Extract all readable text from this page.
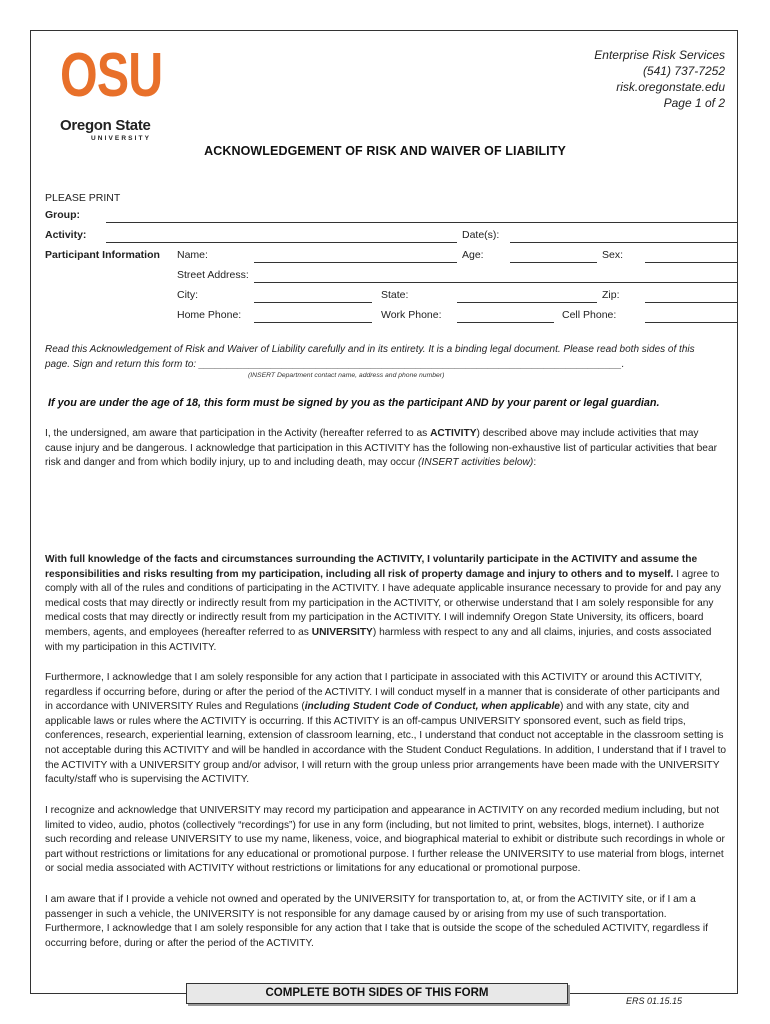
OSU
Oregon State
UNIVERSITY
Enterprise Risk Services
(541) 737-7252
risk.oregonstate.edu
Page 1 of 2
ACKNOWLEDGEMENT OF RISK AND WAIVER OF LIABILITY
PLEASE PRINT
Group:
Activity:	Date(s):
Participant Information Name:	Age:	Sex:
Street Address:
City:	State:	Zip:
Home Phone:	Work Phone:	Cell Phone:
Read this Acknowledgement of Risk and Waiver of Liability carefully and in its entirety. It is a binding legal document. Please read both sides of this
page. Sign and return this form to: ____________________________________________________________________________.
(INSERT Department contact name, address and phone number)
If you are under the age of 18, this form must be signed by you as the participant AND by your parent or legal guardian.
I, the undersigned, am aware that participation in the Activity (hereafter referred to as ACTIVITY) described above may include activities that may cause injury and be dangerous. I acknowledge that participation in this ACTIVITY has the following non-exhaustive list of particular activities that bear risk and danger and from which bodily injury, up to and including death, may occur (INSERT activities below):
With full knowledge of the facts and circumstances surrounding the ACTIVITY, I voluntarily participate in the ACTIVITY and assume the responsibilities and risks resulting from my participation, including all risk of property damage and injury to others and to myself. I agree to comply with all of the rules and conditions of participating in the ACTIVITY. I have adequate applicable insurance necessary to provide for and pay any medical costs that may directly or indirectly result from my participation in the ACTIVITY, or otherwise understand that I am solely responsible for any medical costs that may directly or indirectly result from my participation in the ACTIVITY. I will indemnify Oregon State University, its officers, board members, agents, and employees (hereafter referred to as UNIVERSITY) harmless with respect to any and all claims, injuries, and costs associated with my participation in this ACTIVITY.
Furthermore, I acknowledge that I am solely responsible for any action that I participate in associated with this ACTIVITY or around this ACTIVITY, regardless if occurring before, during or after the period of the ACTIVITY. I will conduct myself in a manner that is considerate of other participants and in accordance with UNIVERSITY Rules and Regulations (including Student Code of Conduct, when applicable) and with any state, city and applicable laws or rules where the ACTIVITY is occurring. If this ACTIVITY is an off-campus UNIVERSITY sponsored event, such as field trips, conferences, research, experiential learning, extension of classroom learning, etc., I understand that conduct not acceptable in the classroom setting is not acceptable during this ACTIVITY and will be handled in accordance with the Student Conduct Regulations. In addition, I understand that if I travel to the ACTIVITY with a UNIVERSITY group and/or advisor, I will return with the group unless prior arrangements have been made with the UNIVERSITY faculty/staff who is supervising the ACTIVITY.
I recognize and acknowledge that UNIVERSITY may record my participation and appearance in ACTIVITY on any recorded medium including, but not limited to video, audio, photos (collectively “recordings”) for use in any form (including, but not limited to print, websites, blogs, internet). I authorize such recording and release UNIVERSITY to use my name, likeness, voice, and biographical material to exhibit or distribute such recordings in whole or part without restrictions or limitations for any educational or promotional purpose. I further release the UNIVERSITY to use material from blogs, internet or social media associated with ACTIVITY without restrictions or limitations for any educational or promotional purpose.
I am aware that if I provide a vehicle not owned and operated by the UNIVERSITY for transportation to, at, or from the ACTIVITY site, or if I am a passenger in such a vehicle, the UNIVERSITY is not responsible for any damage caused by or arising from my use of such transportation. Furthermore, I acknowledge that I am solely responsible for any action that I take that is outside the scope of the scheduled ACTIVITY, regardless if occurring before, during or after the period of the ACTIVITY.
COMPLETE BOTH SIDES OF THIS FORM
ERS 01.15.15
